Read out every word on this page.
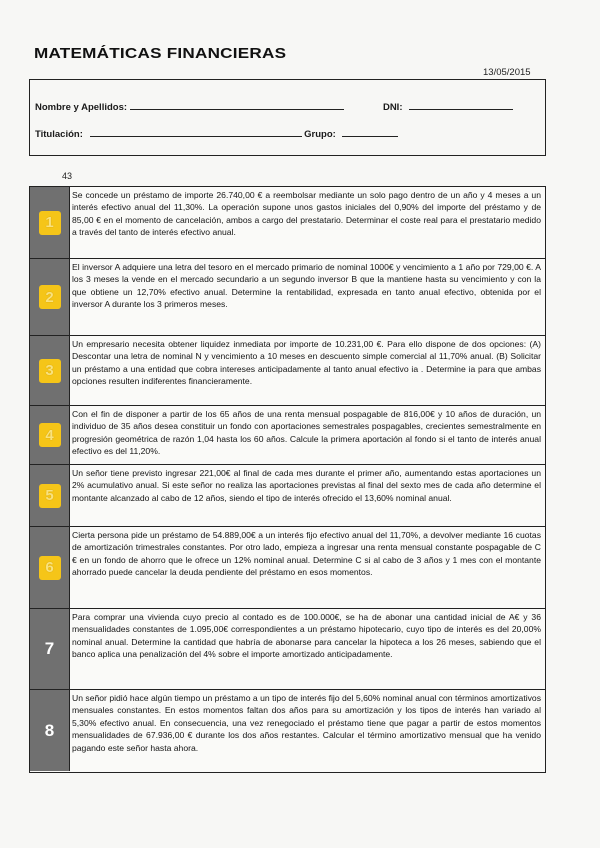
MATEMÁTICAS FINANCIERAS
13/05/2015
Nombre y Apellidos:	DNI:
Titulación:	Grupo:
43
1
Se concede un préstamo de importe 26.740,00 € a reembolsar mediante un solo pago dentro de un año y 4 meses a un interés efectivo anual del 11,30%. La operación supone unos gastos iniciales del 0,90% del importe del préstamo y de 85,00 € en el momento de cancelación, ambos a cargo del prestatario. Determinar el coste real para el prestatario medido a través del tanto de interés efectivo anual.
2
El inversor A adquiere una letra del tesoro en el mercado primario de nominal 1000€ y vencimiento a 1 año por 729,00 €. A los 3 meses la vende en el mercado secundario a un segundo inversor B que la mantiene hasta su vencimiento y con la que obtiene un 12,70% efectivo anual. Determine la rentabilidad, expresada en tanto anual efectivo, obtenida por el inversor A durante los 3 primeros meses.
3
Un empresario necesita obtener liquidez inmediata por importe de 10.231,00 €. Para ello dispone de dos opciones: (A) Descontar una letra de nominal N y vencimiento a 10 meses en descuento simple comercial al 11,70% anual. (B) Solicitar un préstamo a una entidad que cobra intereses anticipadamente al tanto anual efectivo ia . Determine ia para que ambas opciones resulten indiferentes financieramente.
4
Con el fin de disponer a partir de los 65 años de una renta mensual pospagable de 816,00€ y 10 años de duración, un individuo de 35 años desea constituir un fondo con aportaciones semestrales pospagables, crecientes semestralmente en progresión geométrica de razón 1,04 hasta los 60 años. Calcule la primera aportación al fondo si el tanto de interés anual efectivo es del 11,20%.
5
Un señor tiene previsto ingresar 221,00€ al final de cada mes durante el primer año, aumentando estas aportaciones un 2% acumulativo anual. Si este señor no realiza las aportaciones previstas al final del sexto mes de cada año determine el montante alcanzado al cabo de 12 años, siendo el tipo de interés ofrecido el 13,60% nominal anual.
6
Cierta persona pide un préstamo de 54.889,00€ a un interés fijo efectivo anual del 11,70%, a devolver mediante 16 cuotas de amortización trimestrales constantes. Por otro lado, empieza a ingresar una renta mensual constante pospagable de C € en un fondo de ahorro que le ofrece un 12% nominal anual. Determine C si al cabo de 3 años y 1 mes con el montante ahorrado puede cancelar la deuda pendiente del préstamo en esos momentos.
7
Para comprar una vivienda cuyo precio al contado es de 100.000€, se ha de abonar una cantidad inicial de A€ y 36 mensualidades constantes de 1.095,00€ correspondientes a un préstamo hipotecario, cuyo tipo de interés es del 20,00% nominal anual. Determine la cantidad que habría de abonarse para cancelar la hipoteca a los 26 meses, sabiendo que el banco aplica una penalización del 4% sobre el importe amortizado anticipadamente.
8
Un señor pidió hace algún tiempo un préstamo a un tipo de interés fijo del 5,60% nominal anual con términos amortizativos mensuales constantes. En estos momentos faltan dos años para su amortización y los tipos de interés han variado al 5,30% efectivo anual. En consecuencia, una vez renegociado el préstamo tiene que pagar a partir de estos momentos mensualidades de 67.936,00 € durante los dos años restantes. Calcular el término amortizativo mensual que ha venido pagando este señor hasta ahora.
